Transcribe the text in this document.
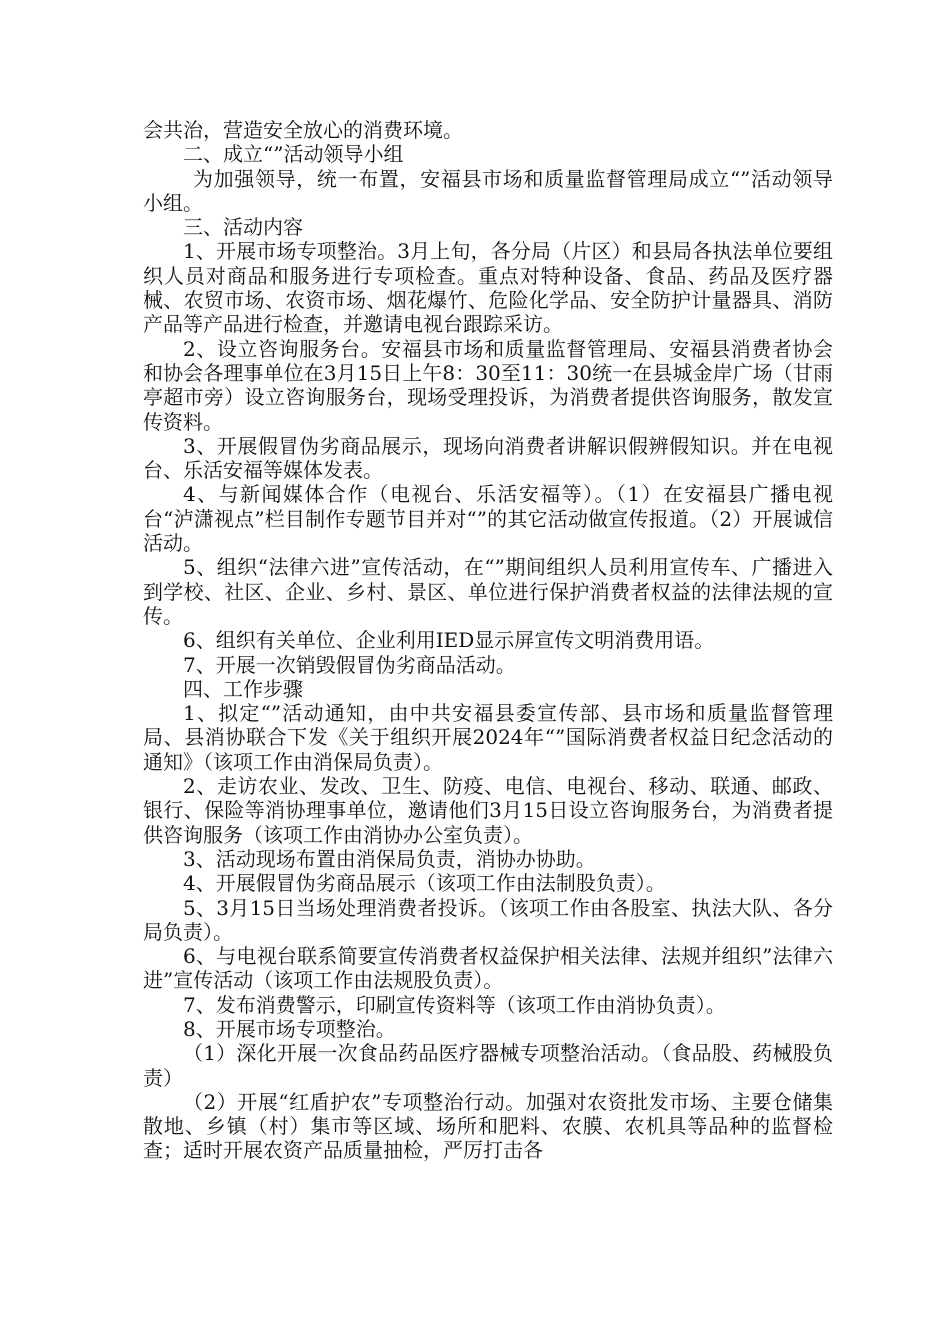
会共治，营造安全放心的消费环境。

二、成立“”活动领导小组

为加强领导，统一布置，安福县市场和质量监督管理局成立“”活动领导小组。

三、活动内容

1、开展市场专项整治。3月上旬，各分局（片区）和县局各执法单位要组织人员对商品和服务进行专项检查。重点对特种设备、食品、药品及医疗器械、农贸市场、农资市场、烟花爆竹、危险化学品、安全防护计量器具、消防产品等产品进行检查，并邀请电视台跟踪采访。

2、设立咨询服务台。安福县市场和质量监督管理局、安福县消费者协会和协会各理事单位在3月15日上午8：30至11：30统一在县城金岸广场（甘雨亭超市旁）设立咨询服务台，现场受理投诉，为消费者提供咨询服务，散发宣传资料。

3、开展假冒伪劣商品展示，现场向消费者讲解识假辨假知识。并在电视台、乐活安福等媒体发表。

4、与新闻媒体合作（电视台、乐活安福等）。（1）在安福县广播电视台“泸潇视点”栏目制作专题节目并对“”的其它活动做宣传报道。（2）开展诚信活动。

5、组织“法律六进”宣传活动，在“”期间组织人员利用宣传车、广播进入到学校、社区、企业、乡村、景区、单位进行保护消费者权益的法律法规的宣传。

6、组织有关单位、企业利用IED显示屏宣传文明消费用语。

7、开展一次销毁假冒伪劣商品活动。

四、工作步骤

1、拟定“”活动通知，由中共安福县委宣传部、县市场和质量监督管理局、县消协联合下发《关于组织开展2024年“”国际消费者权益日纪念活动的通知》（该项工作由消保局负责）。

2、走访农业、发改、卫生、防疫、电信、电视台、移动、联通、邮政、银行、保险等消协理事单位，邀请他们3月15日设立咨询服务台，为消费者提供咨询服务（该项工作由消协办公室负责）。

3、活动现场布置由消保局负责，消协办协助。

4、开展假冒伪劣商品展示（该项工作由法制股负责）。

5、3月15日当场处理消费者投诉。（该项工作由各股室、执法大队、各分局负责）。

6、与电视台联系简要宣传消费者权益保护相关法律、法规并组织”法律六进”宣传活动（该项工作由法规股负责）。

7、发布消费警示，印刷宣传资料等（该项工作由消协负责）。

8、开展市场专项整治。

（1）深化开展一次食品药品医疗器械专项整治活动。（食品股、药械股负责）

（2）开展“红盾护农”专项整治行动。加强对农资批发市场、主要仓储集散地、乡镇（村）集市等区域、场所和肥料、农膜、农机具等品种的监督检查；适时开展农资产品质量抽检，严厉打击各
